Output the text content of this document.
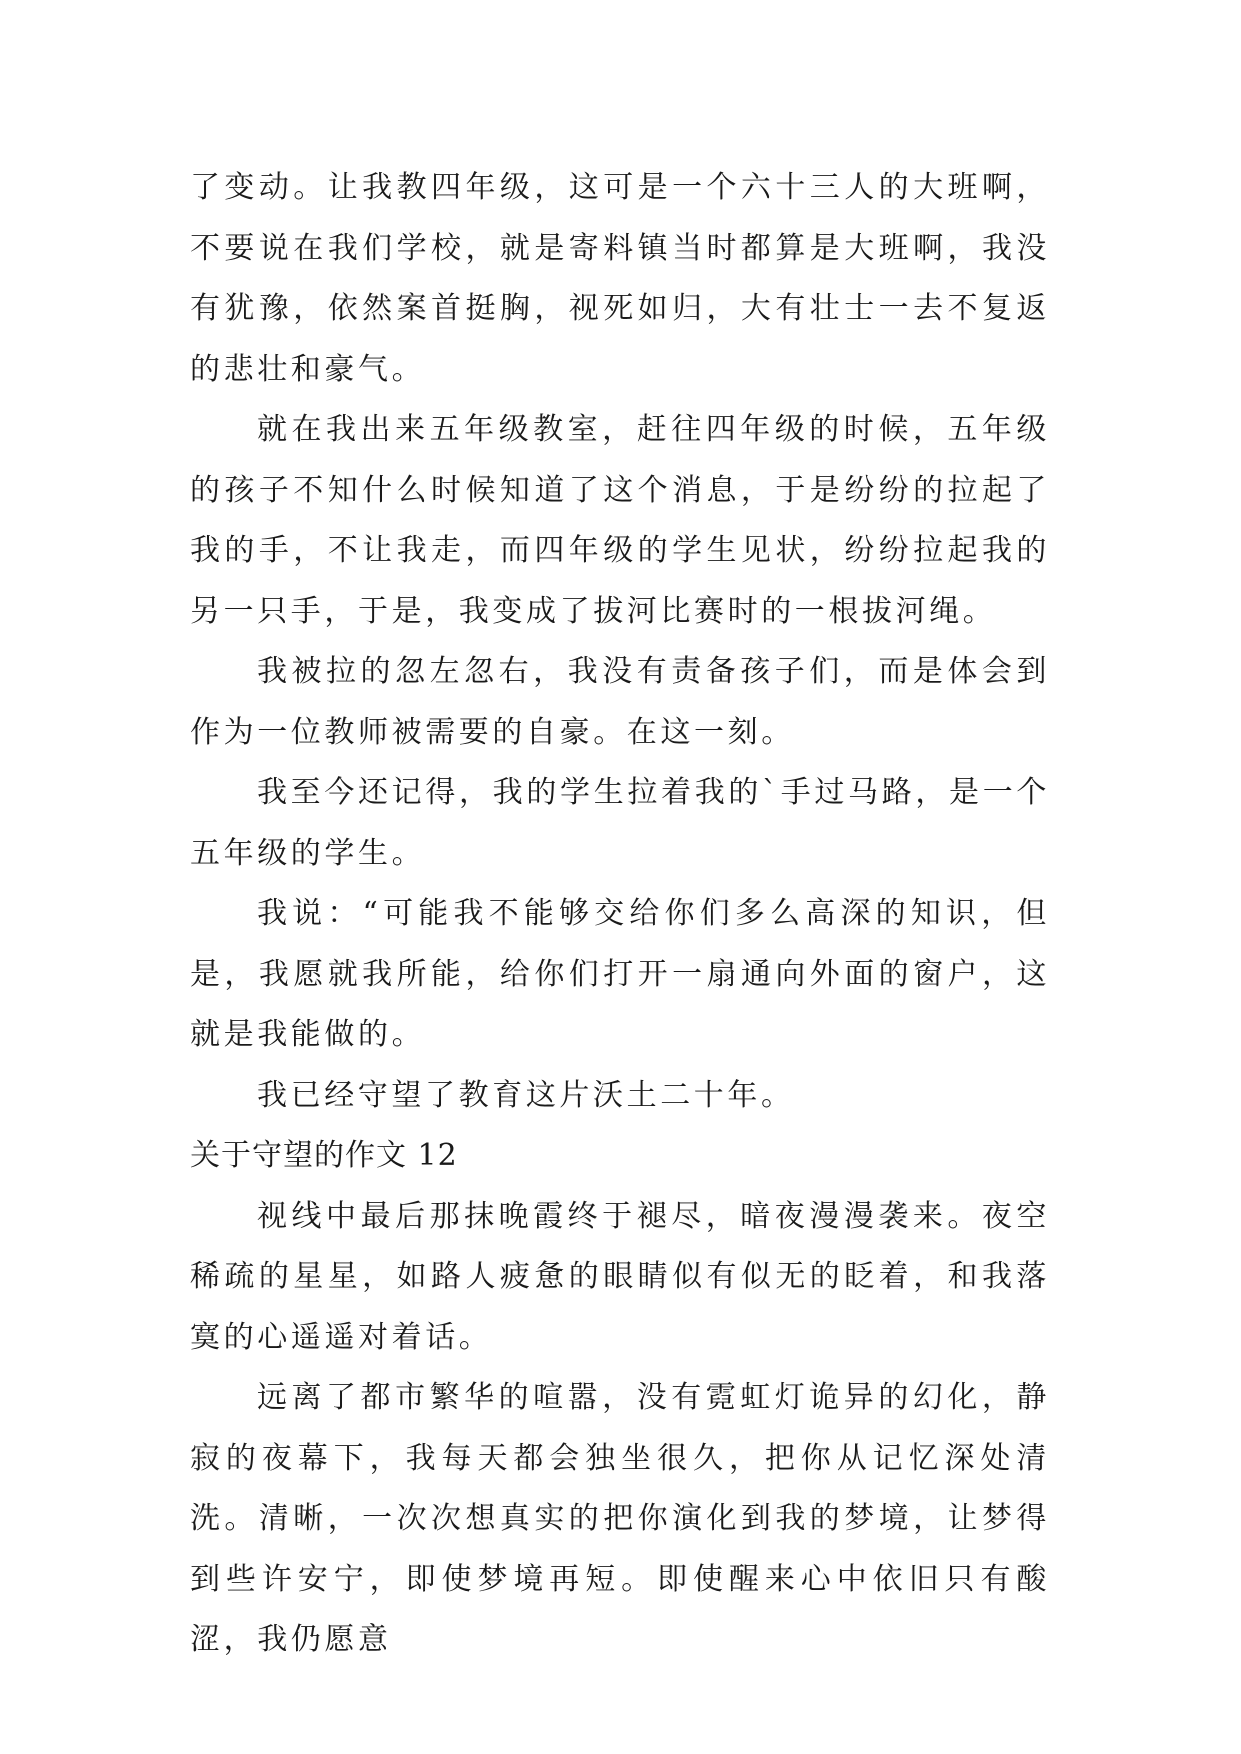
了变动。让我教四年级，这可是一个六十三人的大班啊，不要说在我们学校，就是寄料镇当时都算是大班啊，我没有犹豫，依然案首挺胸，视死如归，大有壮士一去不复返的悲壮和豪气。

就在我出来五年级教室，赶往四年级的时候，五年级的孩子不知什么时候知道了这个消息，于是纷纷的拉起了我的手，不让我走，而四年级的学生见状，纷纷拉起我的另一只手，于是，我变成了拔河比赛时的一根拔河绳。

我被拉的忽左忽右，我没有责备孩子们，而是体会到作为一位教师被需要的自豪。在这一刻。

我至今还记得，我的学生拉着我的`手过马路，是一个五年级的学生。

我说：“可能我不能够交给你们多么高深的知识，但是，我愿就我所能，给你们打开一扇通向外面的窗户，这就是我能做的。

我已经守望了教育这片沃土二十年。

关于守望的作文 12

视线中最后那抹晚霞终于褪尽，暗夜漫漫袭来。夜空稀疏的星星，如路人疲惫的眼睛似有似无的眨着，和我落寞的心遥遥对着话。

远离了都市繁华的喧嚣，没有霓虹灯诡异的幻化，静寂的夜幕下，我每天都会独坐很久，把你从记忆深处清洗。清晰，一次次想真实的把你演化到我的梦境，让梦得到些许安宁，即使梦境再短。即使醒来心中依旧只有酸涩，我仍愿意
